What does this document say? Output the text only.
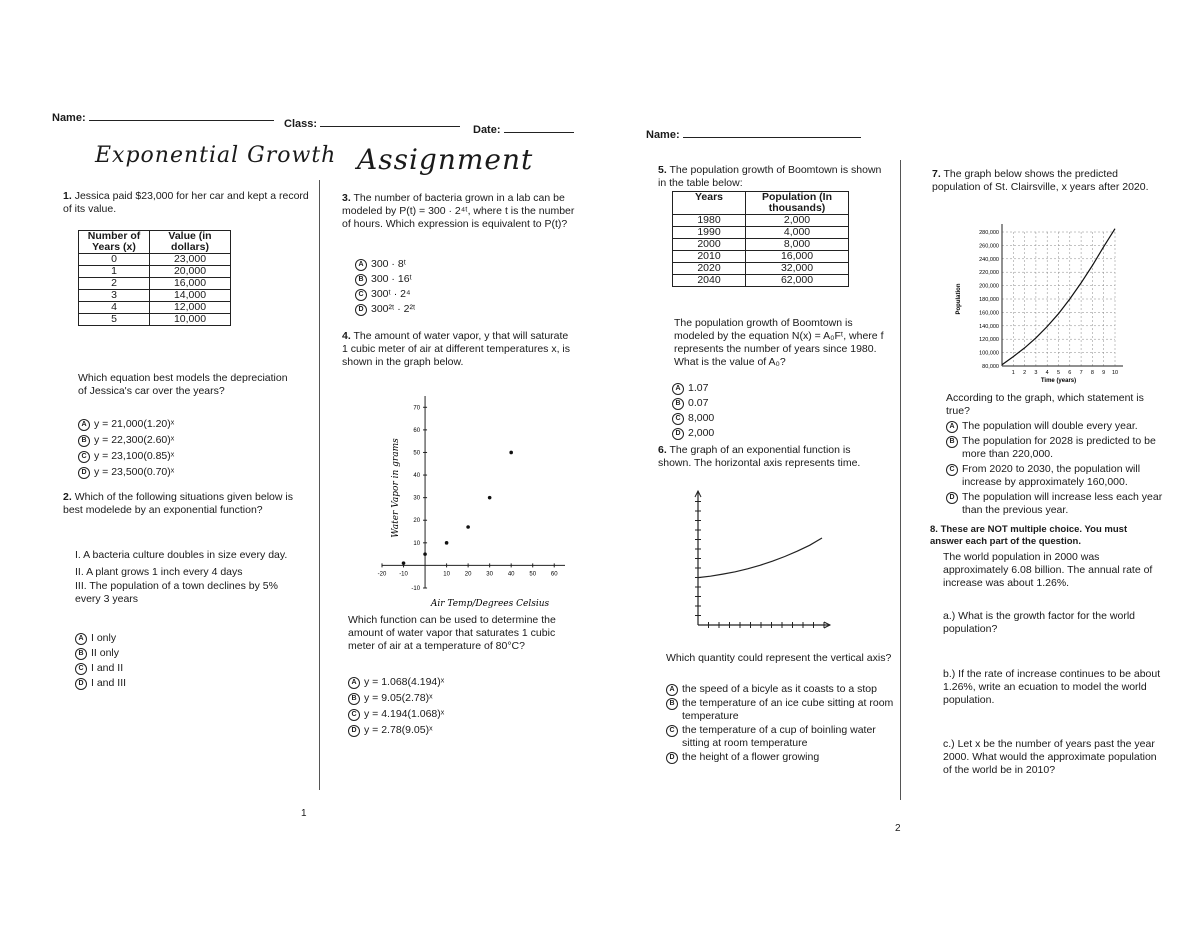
Name:	Class:	Date:
Exponential Growth Assignment
1. Jessica paid $23,000 for her car and kept a record of its value.
Number of Years (x)	Value (in dollars)
0	23,000
1	20,000
2	16,000
3	14,000
4	12,000
5	10,000
Which equation best models the depreciation of Jessica's car over the years?
A y = 21,000(1.20)ˣ
B y = 22,300(2.60)ˣ
C y = 23,100(0.85)ˣ
D y = 23,500(0.70)ˣ
2. Which of the following situations given below is best modelede by an exponential function?
I. A bacteria culture doubles in size every day.
II. A plant grows 1 inch every 4 days
III. The population of a town declines by 5% every 3 years
A I only
B II only
C I and II
D I and III
3. The number of bacteria grown in a lab can be modeled by P(t) = 300 · 2⁴ᵗ, where t is the number of hours. Which expression is equivalent to P(t)?
A 300 · 8ᵗ
B 300 · 16ᵗ
C 300ᵗ · 2⁴
D 300²ᵗ · 2²ᵗ
4. The amount of water vapor, y that will saturate 1 cubic meter of air at different temperatures x, is shown in the graph below.
-20 -10	10 20 30 40 50 60
-10
10
20
30
40
50
60
70
Air Temp/Degrees Celsius
Water Vapor in grams
Which function can be used to determine the amount of water vapor that saturates 1 cubic meter of air at a temperature of 80°C?
A y = 1.068(4.194)ˣ
B y = 9.05(2.78)ˣ
C y = 4.194(1.068)ˣ
D y = 2.78(9.05)ˣ
1
Name:
5. The population growth of Boomtown is shown in the table below:
Years	Population (In thousands)
1980	2,000
1990	4,000
2000	8,000
2010	16,000
2020	32,000
2040	62,000
The population growth of Boomtown is modeled by the equation N(x) = A₀Fᵗ, where f represents the number of years since 1980. What is the value of A₀?
A 1.07
B 0.07
C 8,000
D 2,000
6. The graph of an exponential function is shown. The horizontal axis represents time.
Which quantity could represent the vertical axis?
A the speed of a bicyle as it coasts to a stop
B the temperature of an ice cube sitting at room temperature
C the temperature of a cup of boinling water sitting at room temperature
D the height of a flower growing
7. The graph below shows the predicted population of St. Clairsville, x years after 2020.
80,000
100,000
120,000
140,000
160,000
180,000
200,000
220,000
240,000
260,000
280,000
1 2 3 4 5 6 7 8 9 10
Time (years)
Population
According to the graph, which statement is true?
A The population will double every year.
B The population for 2028 is predicted to be more than 220,000.
C From 2020 to 2030, the population will increase by approximately 160,000.
D The population will increase less each year than the previous year.
8. These are NOT multiple choice. You must answer each part of the question.
The world population in 2000 was approximately 6.08 billion. The annual rate of increase was about 1.26%.
a.) What is the growth factor for the world population?
b.) If the rate of increase continues to be about 1.26%, write an ecuation to model the world population.
c.) Let x be the number of years past the year 2000. What would the approximate population of the world be in 2010?
2
